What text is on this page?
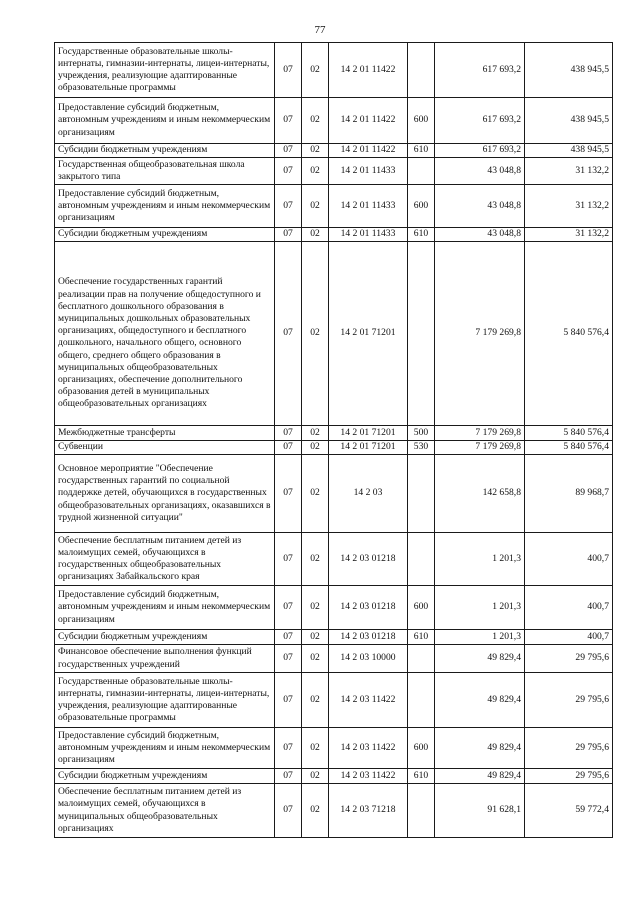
77
Государственные образовательные школы-интернаты, гимназии-интернаты, лицеи-интернаты, учреждения, реализующие адаптированные образовательные программы	07	02	14 2 01 11422		617 693,2	438 945,5
Предоставление субсидий бюджетным, автономным учреждениям и иным некоммерческим организациям	07	02	14 2 01 11422	600	617 693,2	438 945,5
Субсидии бюджетным учреждениям	07	02	14 2 01 11422	610	617 693,2	438 945,5
Государственная общеобразовательная школа закрытого типа	07	02	14 2 01 11433		43 048,8	31 132,2
Предоставление субсидий бюджетным, автономным учреждениям и иным некоммерческим организациям	07	02	14 2 01 11433	600	43 048,8	31 132,2
Субсидии бюджетным учреждениям	07	02	14 2 01 11433	610	43 048,8	31 132,2
Обеспечение государственных гарантий реализации прав на получение общедоступного и бесплатного дошкольного образования в муниципальных дошкольных образовательных организациях, общедоступного и бесплатного дошкольного, начального общего, основного общего, среднего общего образования в муниципальных общеобразовательных организациях, обеспечение дополнительного образования детей в муниципальных общеобразовательных организациях	07	02	14 2 01 71201		7 179 269,8	5 840 576,4
Межбюджетные трансферты	07	02	14 2 01 71201	500	7 179 269,8	5 840 576,4
Субвенции	07	02	14 2 01 71201	530	7 179 269,8	5 840 576,4
Основное мероприятие "Обеспечение государственных гарантий по социальной поддержке детей, обучающихся в государственных общеобразовательных организациях, оказавшихся в трудной жизненной ситуации"	07	02	14 2 03		142 658,8	89 968,7
Обеспечение бесплатным питанием детей из малоимущих семей, обучающихся в государственных общеобразовательных организациях Забайкальского края	07	02	14 2 03 01218		1 201,3	400,7
Предоставление субсидий бюджетным, автономным учреждениям и иным некоммерческим организациям	07	02	14 2 03 01218	600	1 201,3	400,7
Субсидии бюджетным учреждениям	07	02	14 2 03 01218	610	1 201,3	400,7
Финансовое обеспечение выполнения функций государственных учреждений	07	02	14 2 03 10000		49 829,4	29 795,6
Государственные образовательные школы-интернаты, гимназии-интернаты, лицеи-интернаты, учреждения, реализующие адаптированные образовательные программы	07	02	14 2 03 11422		49 829,4	29 795,6
Предоставление субсидий бюджетным, автономным учреждениям и иным некоммерческим организациям	07	02	14 2 03 11422	600	49 829,4	29 795,6
Субсидии бюджетным учреждениям	07	02	14 2 03 11422	610	49 829,4	29 795,6
Обеспечение бесплатным питанием детей из малоимущих семей, обучающихся в муниципальных общеобразовательных организациях	07	02	14 2 03 71218		91 628,1	59 772,4
